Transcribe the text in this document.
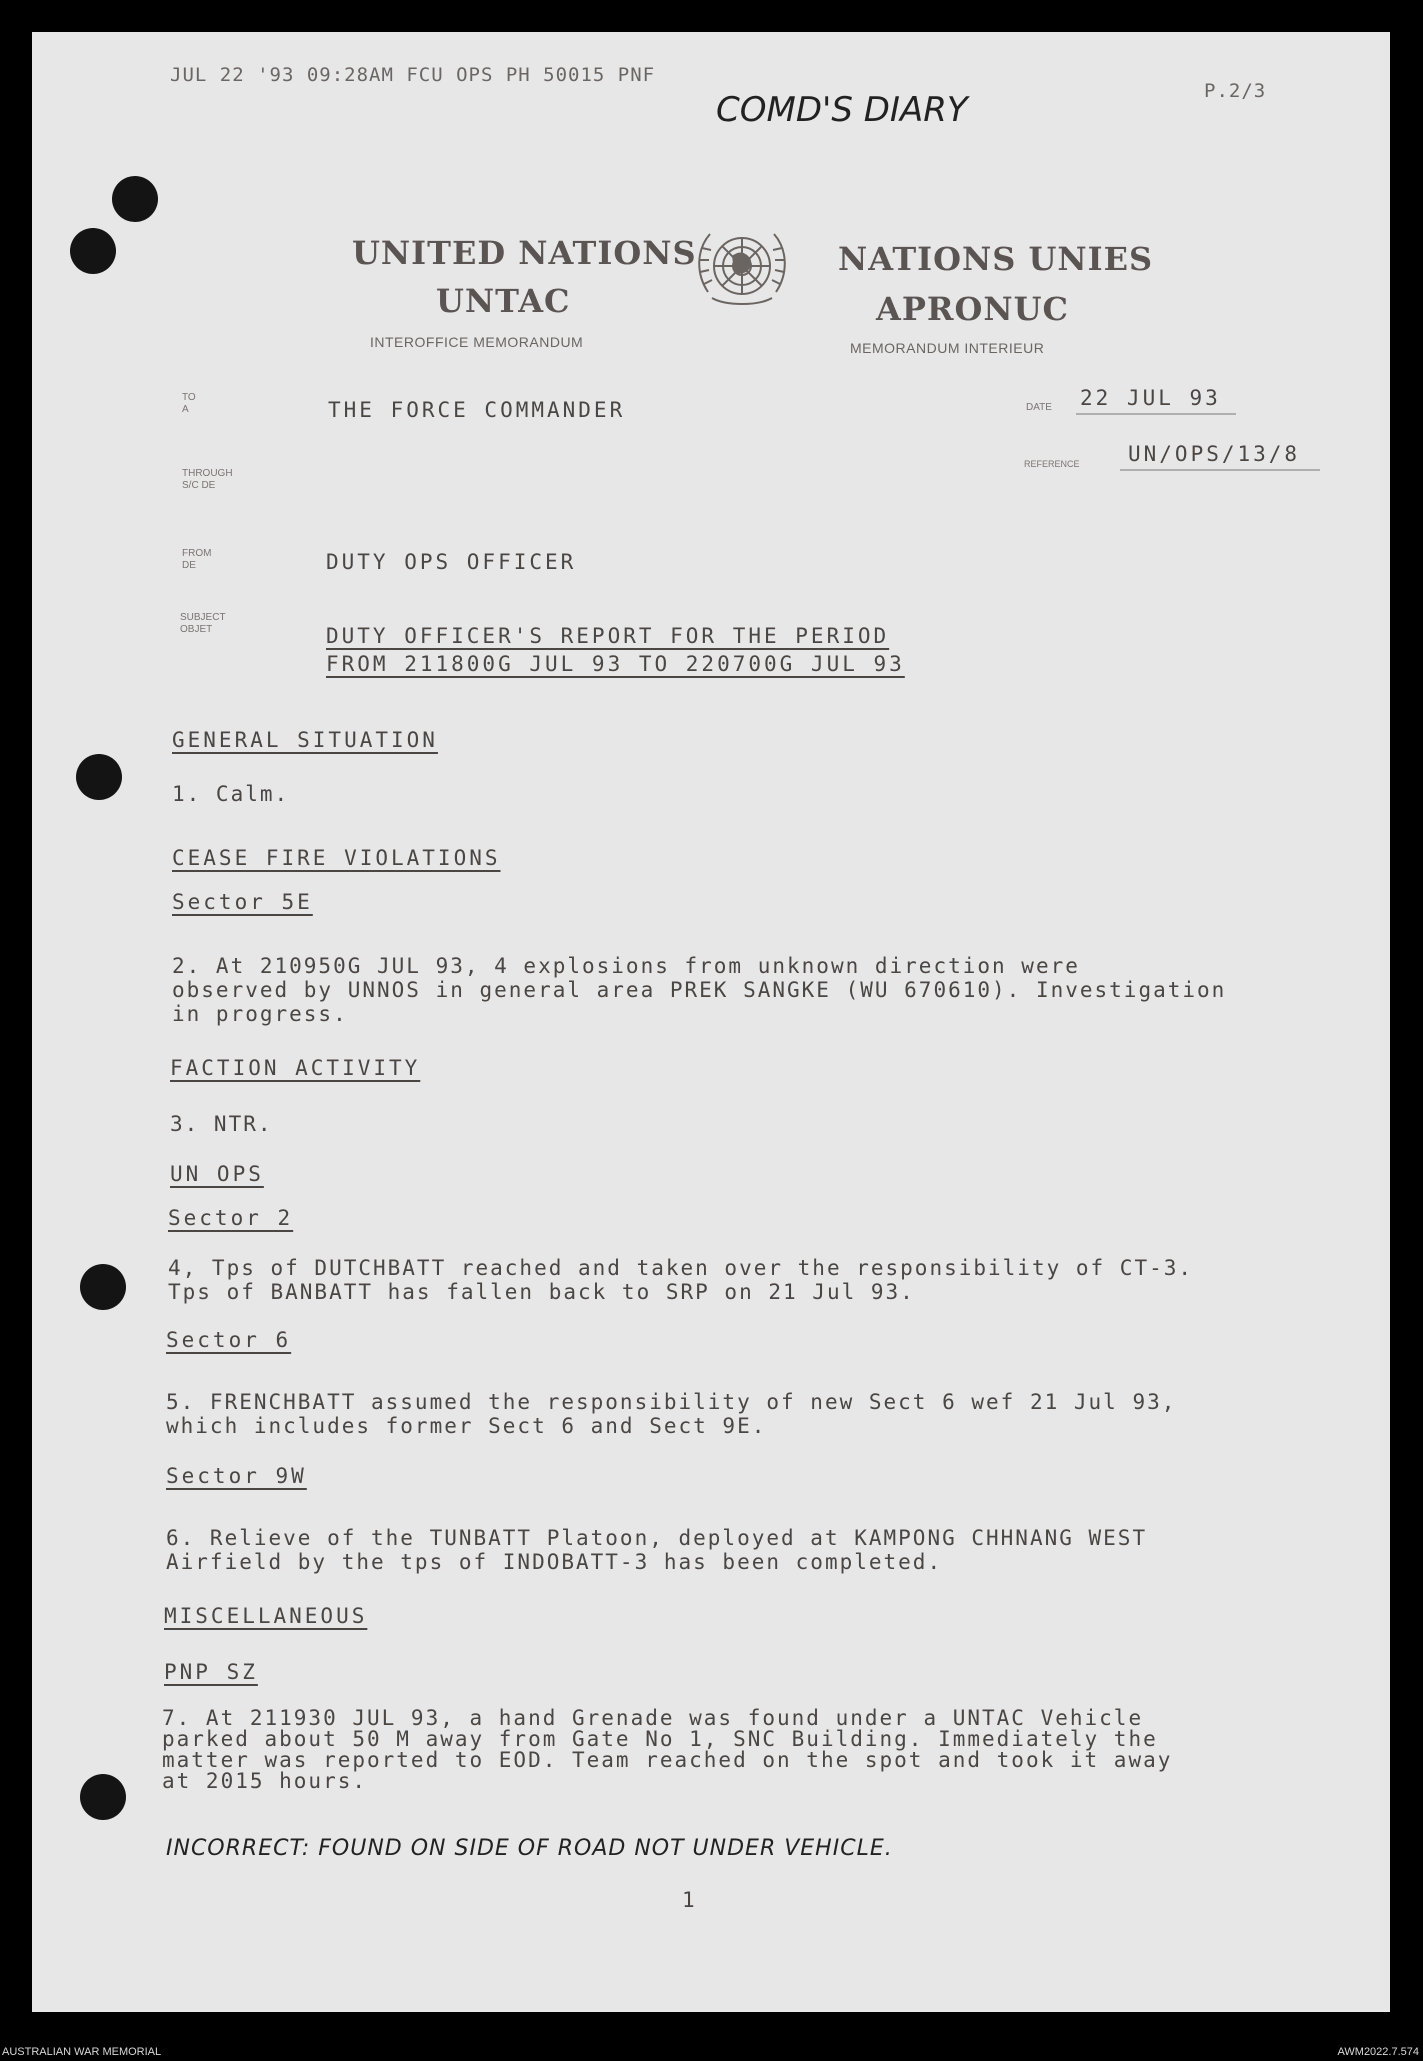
JUL 22 '93 09:28AM FCU OPS PH 50015 PNF
P.2/3
COMD'S DIARY
UNITED NATIONS
UNTAC
INTEROFFICE MEMORANDUM
NATIONS UNIES
APRONUC
MEMORANDUM INTERIEUR
TO
A	THE FORCE COMMANDER	DATE 22 JUL 93
REFERENCE UN/OPS/13/8
THROUGH
S/C DE
FROM
DE	DUTY OPS OFFICER
SUBJECT
OBJET	DUTY OFFICER'S REPORT FOR THE PERIOD
FROM 211800G JUL 93 TO 220700G JUL 93
GENERAL SITUATION
1. Calm.
CEASE FIRE VIOLATIONS
Sector 5E
2. At 210950G JUL 93, 4 explosions from unknown direction were
observed by UNNOS in general area PREK SANGKE (WU 670610). Investigation
in progress.
FACTION ACTIVITY
3. NTR.
UN OPS
Sector 2
4, Tps of DUTCHBATT reached and taken over the responsibility of CT-3.
Tps of BANBATT has fallen back to SRP on 21 Jul 93.
Sector 6
5. FRENCHBATT assumed the responsibility of new Sect 6 wef 21 Jul 93,
which includes former Sect 6 and Sect 9E.
Sector 9W
6. Relieve of the TUNBATT Platoon, deployed at KAMPONG CHHNANG WEST
Airfield by the tps of INDOBATT-3 has been completed.
MISCELLANEOUS
PNP SZ
7. At 211930 JUL 93, a hand Grenade was found under a UNTAC Vehicle
parked about 50 M away from Gate No 1, SNC Building. Immediately the
matter was reported to EOD. Team reached on the spot and took it away
at 2015 hours.
INCORRECT: FOUND ON SIDE OF ROAD NOT UNDER VEHICLE.
1
AUSTRALIAN WAR MEMORIAL	AWM2022.7.574
